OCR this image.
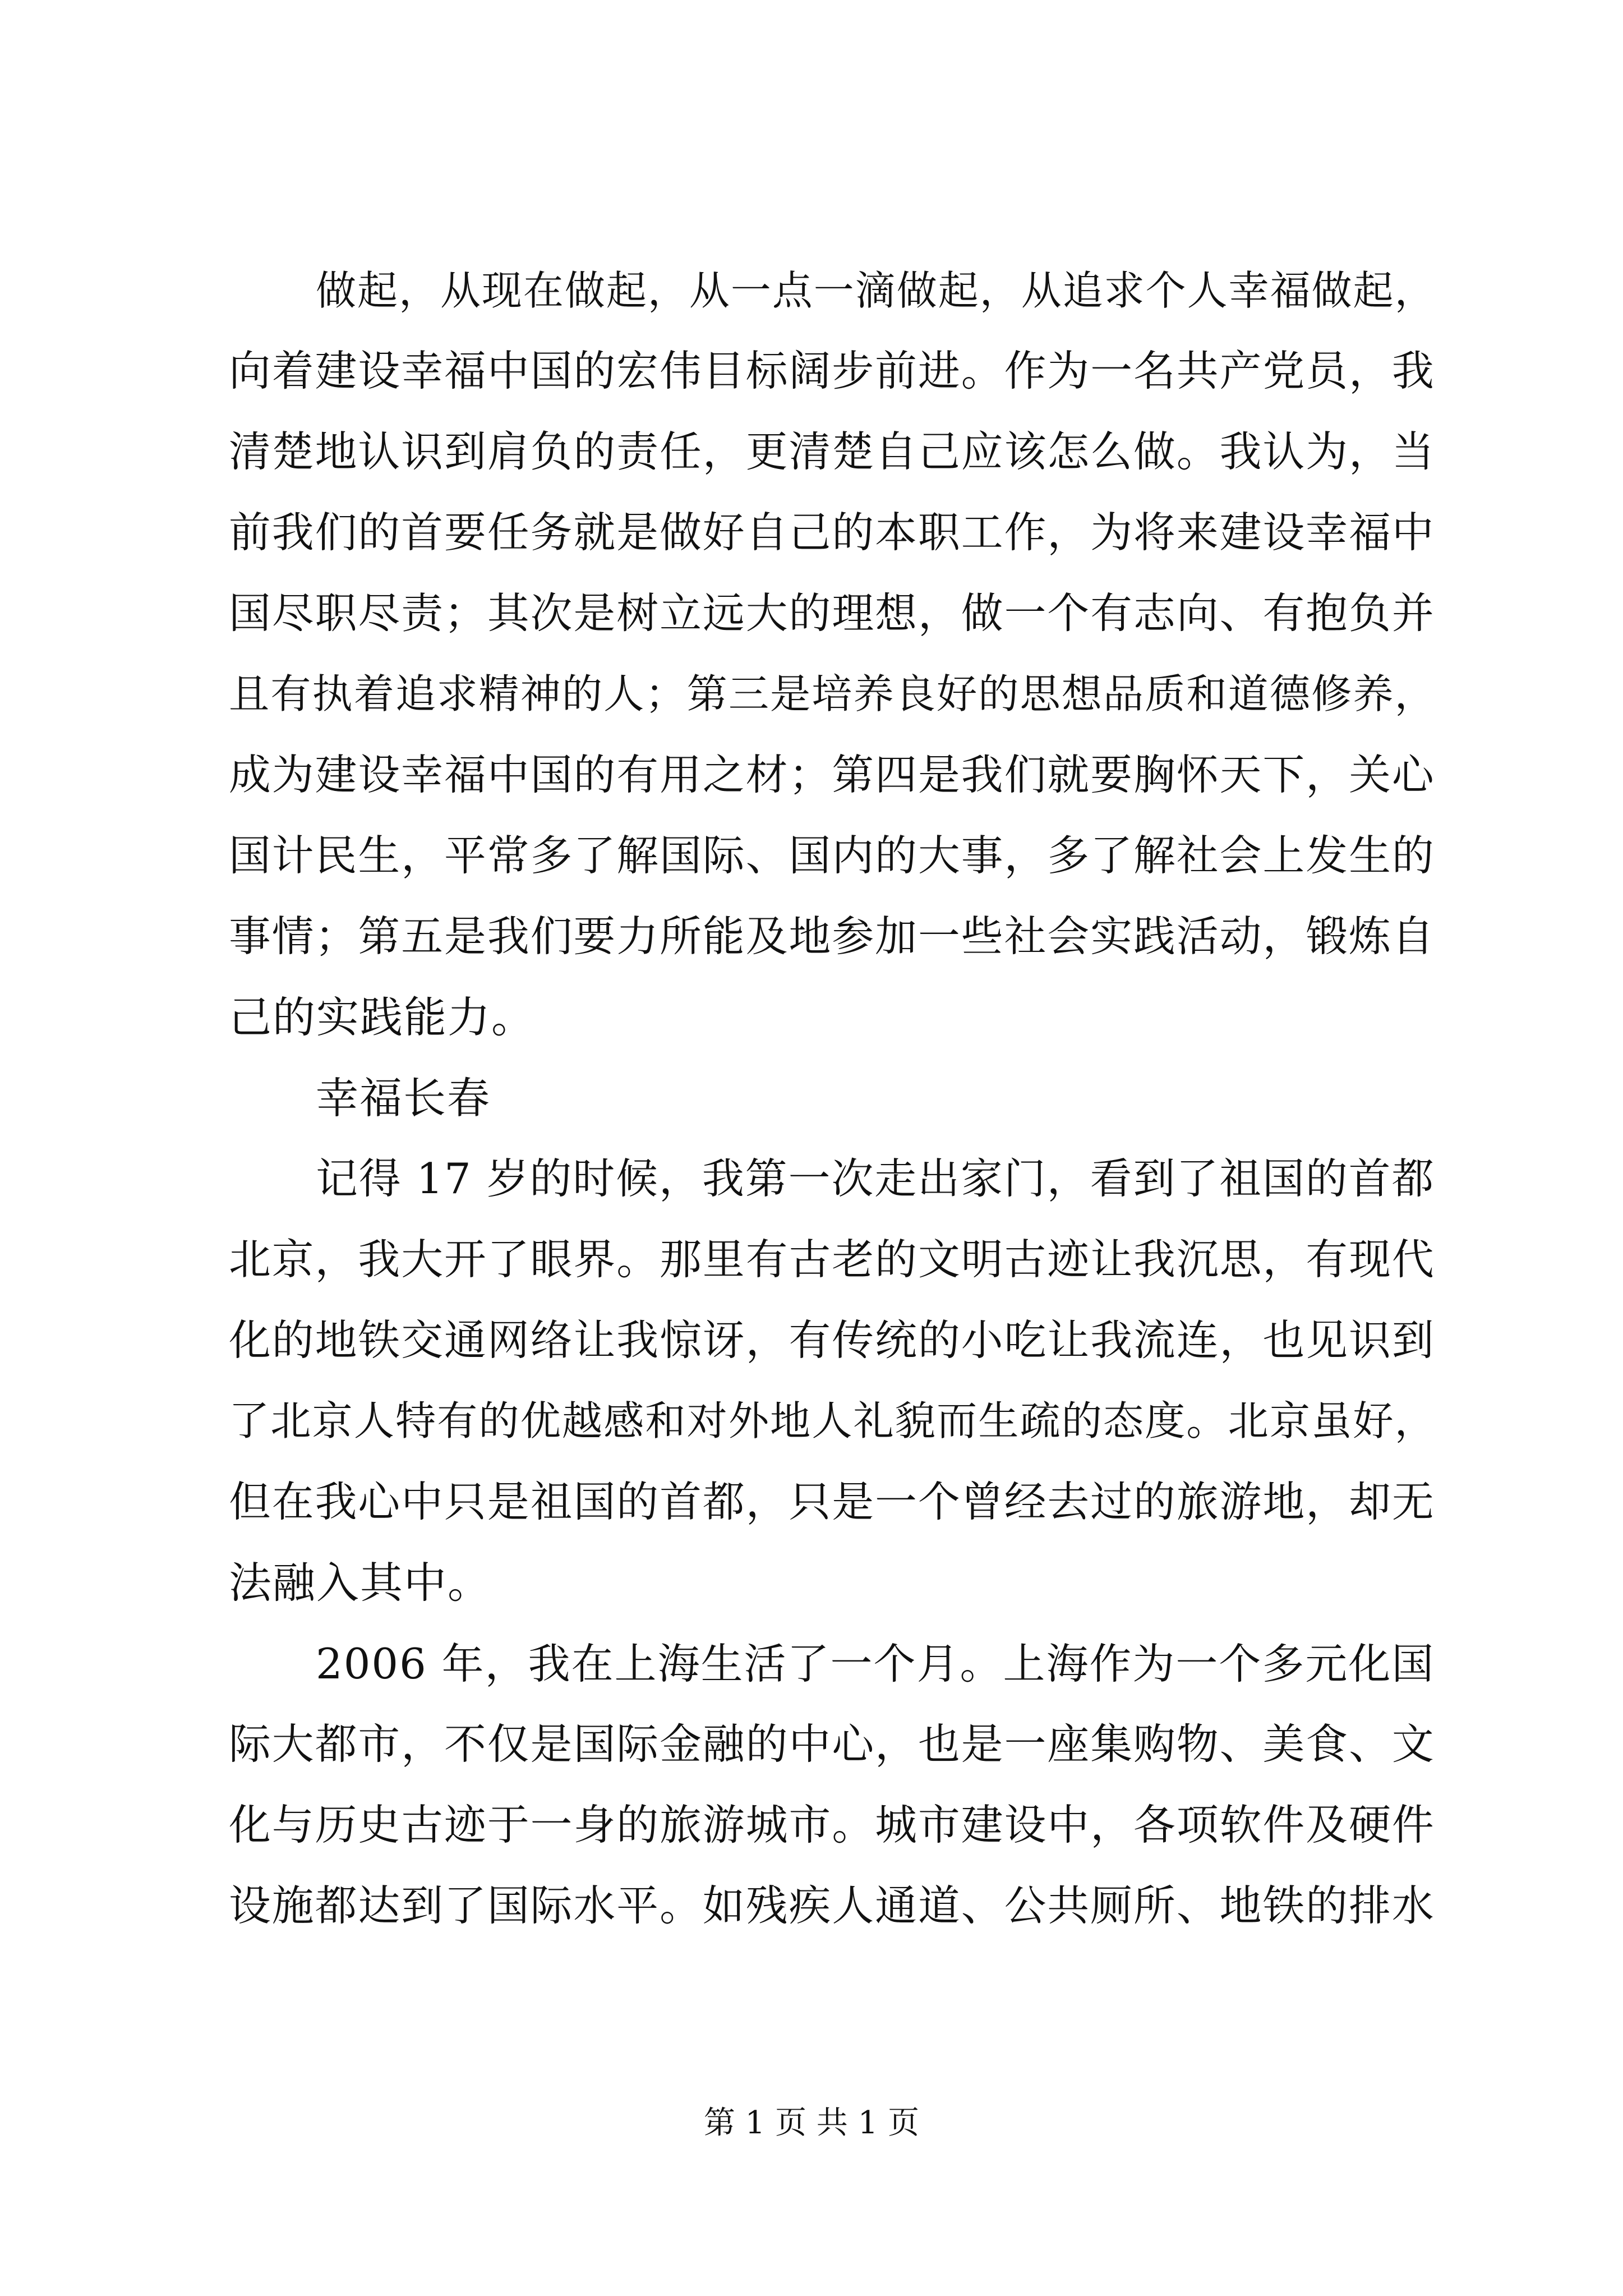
做起，从现在做起，从一点一滴做起，从追求个人幸福做起，
向着建设幸福中国的宏伟目标阔步前进。作为一名共产党员，我
清楚地认识到肩负的责任，更清楚自己应该怎么做。我认为，当
前我们的首要任务就是做好自己的本职工作，为将来建设幸福中
国尽职尽责；其次是树立远大的理想，做一个有志向、有抱负并
且有执着追求精神的人；第三是培养良好的思想品质和道德修养，
成为建设幸福中国的有用之材；第四是我们就要胸怀天下，关心
国计民生，平常多了解国际、国内的大事，多了解社会上发生的
事情；第五是我们要力所能及地参加一些社会实践活动，锻炼自
己的实践能力。
幸福长春
记得 17 岁的时候，我第一次走出家门，看到了祖国的首都
北京，我大开了眼界。那里有古老的文明古迹让我沉思，有现代
化的地铁交通网络让我惊讶，有传统的小吃让我流连，也见识到
了北京人特有的优越感和对外地人礼貌而生疏的态度。北京虽好，
但在我心中只是祖国的首都，只是一个曾经去过的旅游地，却无
法融入其中。
2006 年，我在上海生活了一个月。上海作为一个多元化国
际大都市，不仅是国际金融的中心，也是一座集购物、美食、文
化与历史古迹于一身的旅游城市。城市建设中，各项软件及硬件
设施都达到了国际水平。如残疾人通道、公共厕所、地铁的排水
第 1 页 共 1 页
